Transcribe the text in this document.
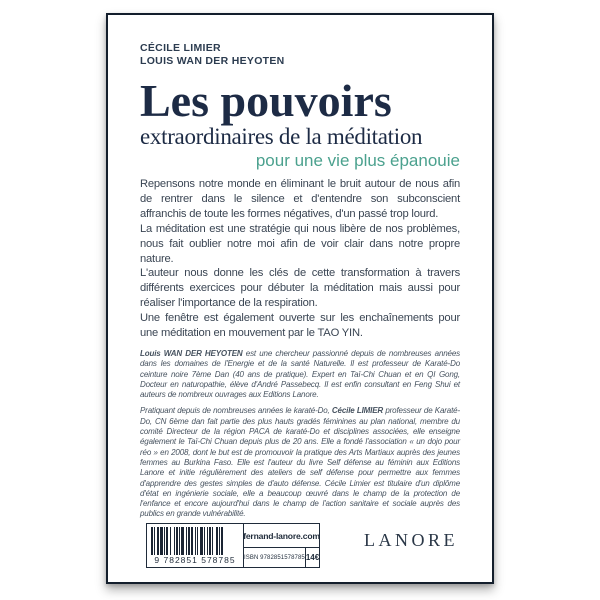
CÉCILE LIMIER
LOUIS WAN DER HEYOTEN
Les pouvoirs
extraordinaires de la méditation
pour une vie plus épanouie

Repensons notre monde en éliminant le bruit autour de nous afin de rentrer dans le silence et d'entendre son subconscient affranchis de toute les formes négatives, d'un passé trop lourd.

La méditation est une stratégie qui nous libère de nos problèmes, nous fait oublier notre moi afin de voir clair dans notre propre nature.

L'auteur nous donne les clés de cette transformation à travers différents exercices pour débuter la méditation mais aussi pour réaliser l'importance de la respiration.

Une fenêtre est également ouverte sur les enchaînements pour une méditation en mouvement par le TAO YIN.

Louis WAN DER HEYOTEN est une chercheur passionné depuis de nombreuses années dans les domaines de l'Energie et de la santé Naturelle. Il est professeur de Karaté-Do ceinture noire 7ème Dan (40 ans de pratique). Expert en Taï-Chi Chuan et en QI Gong, Docteur en naturopathie, élève d'André Passebecq. Il est enfin consultant en Feng Shui et auteurs de nombreux ouvrages aux Editions Lanore.

Pratiquant depuis de nombreuses années le karaté-Do, Cécile LIMIER professeur de Karaté-Do, CN 6ème dan fait partie des plus hauts gradés féminines au plan national, membre du comité Directeur de la région PACA de karaté-Do et disciplines associées, elle enseigne également le Taï-Chi Chuan depuis plus de 20 ans. Elle a fondé l'association « un dojo pour réo » en 2008, dont le but est de promouvoir la pratique des Arts Martiaux auprès des jeunes femmes au Burkina Faso. Elle est l'auteur du livre Self défense au féminin aux Editions Lanore et initie régulièrement des ateliers de self défense pour permettre aux femmes d'apprendre des gestes simples de d'auto défense. Cécile Limier est titulaire d'un diplôme d'état en ingénierie sociale, elle a beaucoup œuvré dans le champ de la protection de l'enfance et encore aujourd'hui dans le champ de l'action sanitaire et sociale auprès des publics en grande vulnérabilité.

9 782851 578785
fernand-lanore.com
ISBN 9782851578785 14€
LANORE
